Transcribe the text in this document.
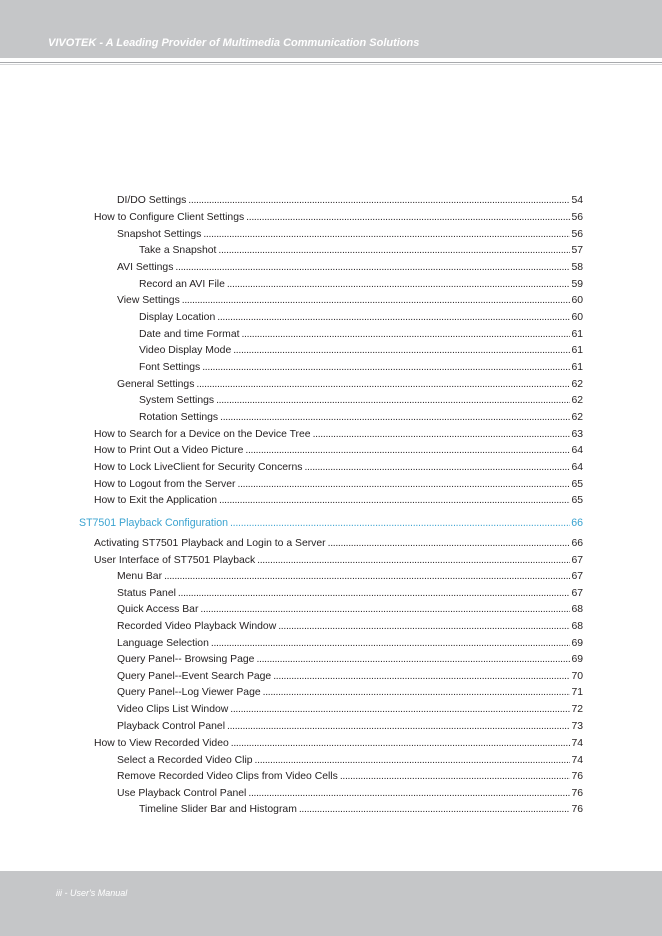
VIVOTEK - A Leading Provider of Multimedia Communication Solutions
DI/DO Settings . . .	54
How to Configure Client Settings . . .	56
Snapshot Settings . . .	56
Take a Snapshot . . .	57
AVI Settings . . .	58
Record an AVI File . . .	59
View Settings . . .	60
Display Location . . .	60
Date and time Format . . .	61
Video Display Mode . . .	61
Font Settings . . .	61
General Settings . . .	62
System Settings . . .	62
Rotation Settings . . .	62
How to Search for a Device on the Device Tree . . .	63
How to Print Out a Video Picture . . .	64
How to Lock LiveClient for Security Concerns . . .	64
How to Logout from the Server . . .	65
How to Exit the Application . . .	65
ST7501 Playback Configuration . . .	66
Activating ST7501 Playback and Login to a Server . . .	66
User Interface of ST7501 Playback . . .	67
Menu Bar . . .	67
Status Panel . . .	67
Quick Access Bar . . .	68
Recorded Video Playback Window . . .	68
Language Selection . . .	69
Query Panel-- Browsing Page . . .	69
Query Panel--Event Search Page . . .	70
Query Panel--Log Viewer Page . . .	71
Video Clips List Window . . .	72
Playback Control Panel . . .	73
How to View Recorded Video . . .	74
Select a Recorded Video Clip . . .	74
Remove Recorded Video Clips from Video Cells . . .	76
Use Playback Control Panel . . .	76
Timeline Slider Bar and Histogram . . .	76
iii - User's Manual
